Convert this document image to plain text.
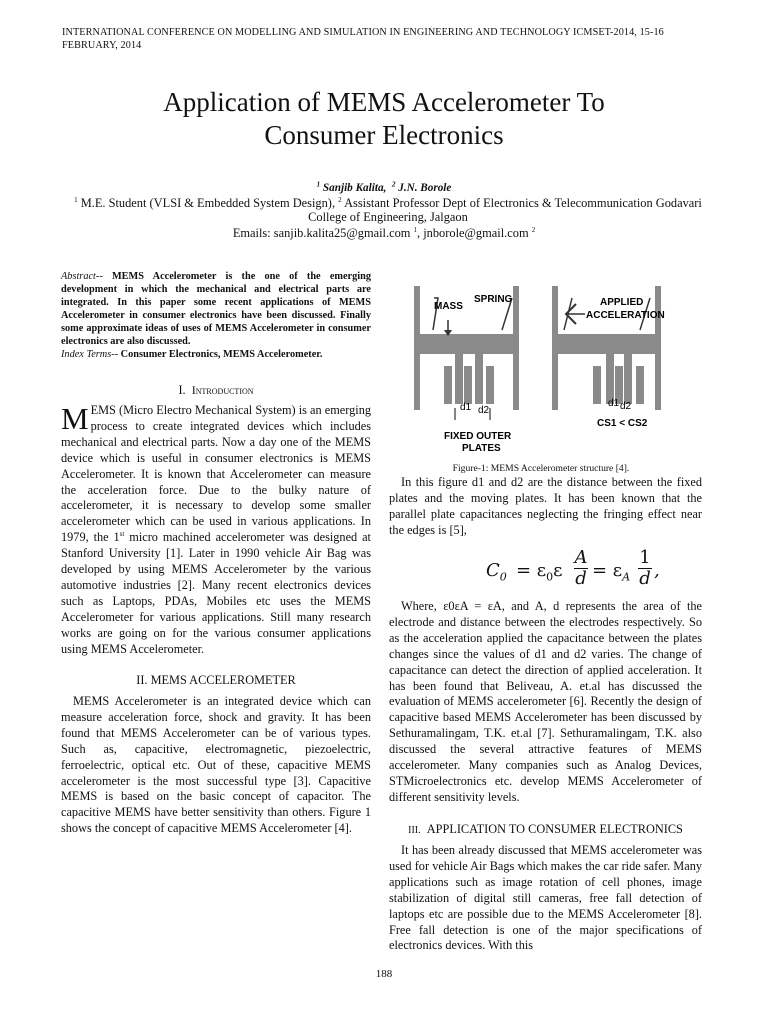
INTERNATIONAL CONFERENCE ON MODELLING AND SIMULATION IN ENGINEERING AND TECHNOLOGY ICMSET-2014, 15-16 FEBRUARY, 2014
Application of MEMS Accelerometer To
Consumer Electronics
$^1$ Sanjib Kalita, $^2$ J.N. Borole
$^1$ M.E. Student (VLSI & Embedded System Design), $^2$ Assistant Professor Dept of Electronics & Telecommunication Godavari
College of Engineering, Jalgaon
Emails: sanjib.kalita25@gmail.com $^1$, jnborole@gmail.com $^2$
Abstract-- MEMS Accelerometer is the one of the emerging development in which the mechanical and electrical parts are integrated. In this paper some recent applications of MEMS Accelerometer in consumer electronics have been discussed. Finally some approximate ideas of uses of MEMS Accelerometer in consumer electronics are also discussed.
Index Terms-- Consumer Electronics, MEMS Accelerometer.
I. Introduction
MEMS (Micro Electro Mechanical System) is an emerging process to create integrated devices which includes mechanical and electrical parts. Now a day one of the MEMS device which is useful in consumer electronics is MEMS Accelerometer. It is known that Accelerometer can measure the acceleration force. Due to the bulky nature of accelerometer, it is necessary to develop some smaller accelerometer which can be used in various applications. In 1979, the 1st micro machined accelerometer was designed at Stanford University [1]. Later in 1990 vehicle Air Bag was developed by using MEMS Accelerometer by the various automotive industries [2]. Many recent electronics devices such as Laptops, PDAs, Mobiles etc uses the MEMS Accelerometer for various applications. Still many research works are going on for the various consumer applications using MEMS Accelerometer.
II. MEMS ACCELEROMETER

MEMS Accelerometer is an integrated device which can measure acceleration force, shock and gravity. It has been found that MEMS Accelerometer can be of various types. Such as, capacitive, electromagnetic, piezoelectric, ferroelectric, optical etc. Out of these, capacitive MEMS accelerometer is the most successful type [3]. Capacitive MEMS is based on the basic concept of capacitor. The capacitive MEMS have better sensitivity than others. Figure 1 shows the concept of capacitive MEMS Accelerometer [4].

MASS
SPRING
d1 d2
FIXED OUTER
PLATES
APPLIED
ACCELERATION
d1 d2
CS1 < CS2
Figure-1: MEMS Accelerometer structure [4].

In this figure d1 and d2 are the distance between the fixed plates and the moving plates. It has been known that the parallel plate capacitances neglecting the fringing effect near the edges is [5],

$C_0 = \varepsilon_0\varepsilon \frac{A}{d} = \varepsilon_A \frac{1}{d}$ ,

Where, ε0εA = εA, and A, d represents the area of the electrode and distance between the electrodes respectively. So as the acceleration applied the capacitance between the plates changes since the values of d1 and d2 varies. The change of capacitance can detect the direction of applied acceleration. It has been found that Beliveau, A. et.al has discussed the evaluation of MEMS accelerometer [6]. Recently the design of capacitive based MEMS Accelerometer has been discussed by Sethuramalingam, T.K. et.al [7]. Sethuramalingam, T.K. also discussed the several attractive features of MEMS accelerometer. Many companies such as Analog Devices, STMicroelectronics etc. develop MEMS Accelerometer of different sensitivity levels.

III. APPLICATION TO CONSUMER ELECTRONICS

It has been already discussed that MEMS accelerometer was used for vehicle Air Bags which makes the car ride safer. Many applications such as image rotation of cell phones, image stabilization of digital still cameras, free fall detection of laptops etc are possible due to the MEMS Accelerometer [8]. Free fall detection is one of the major specifications of electronics devices. With this

188
